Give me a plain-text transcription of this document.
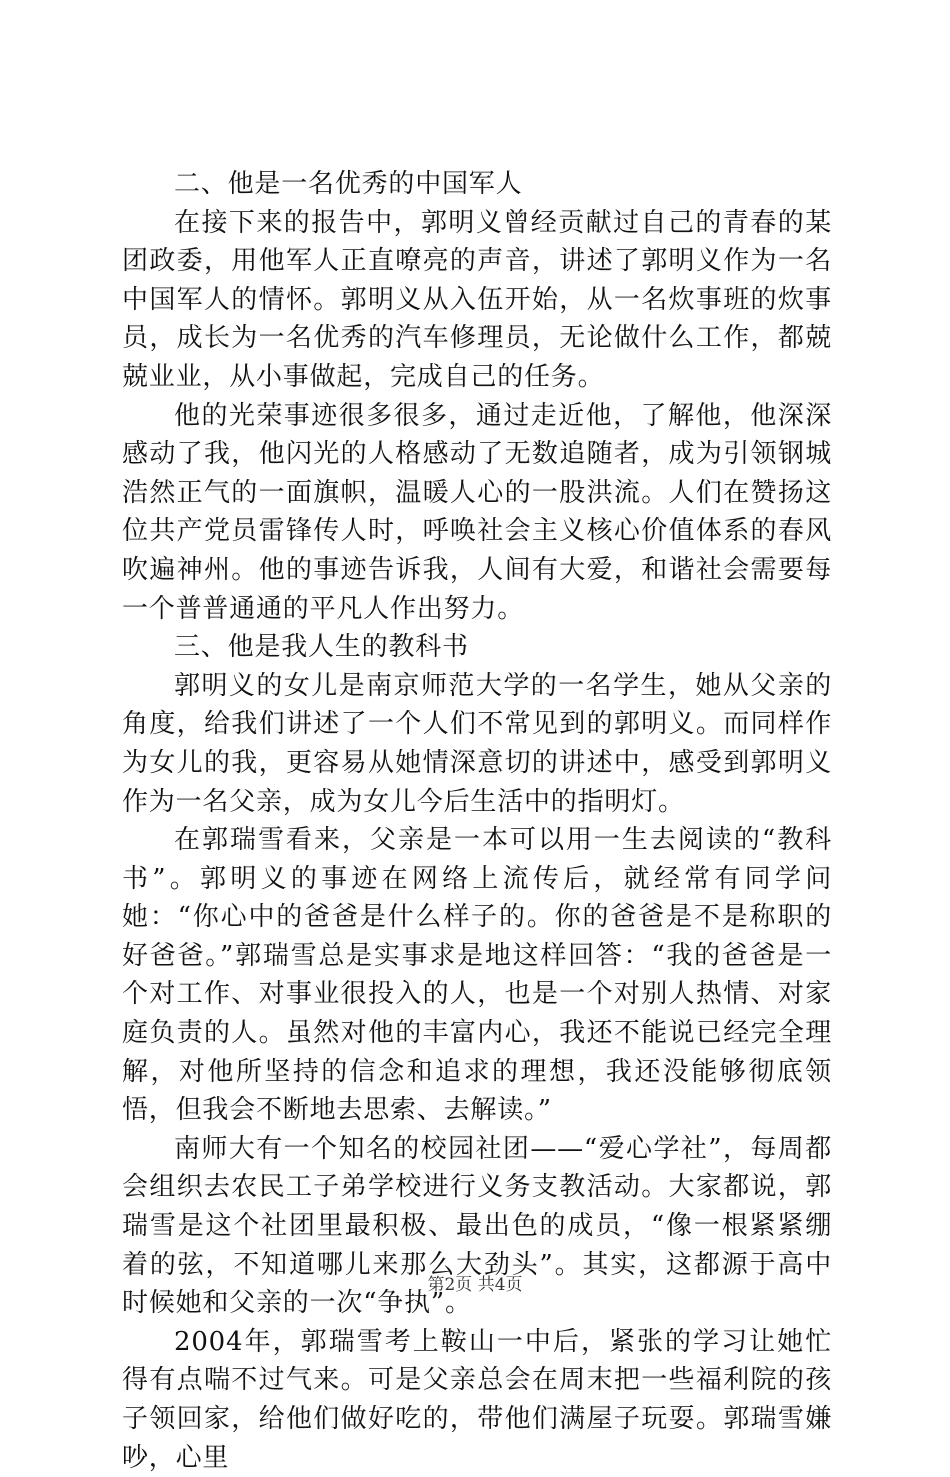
二、他是一名优秀的中国军人

在接下来的报告中，郭明义曾经贡献过自己的青春的某团政委，用他军人正直嘹亮的声音，讲述了郭明义作为一名中国军人的情怀。郭明义从入伍开始，从一名炊事班的炊事员，成长为一名优秀的汽车修理员，无论做什么工作，都兢兢业业，从小事做起，完成自己的任务。

他的光荣事迹很多很多，通过走近他，了解他，他深深感动了我，他闪光的人格感动了无数追随者，成为引领钢城浩然正气的一面旗帜，温暖人心的一股洪流。人们在赞扬这位共产党员雷锋传人时，呼唤社会主义核心价值体系的春风吹遍神州。他的事迹告诉我，人间有大爱，和谐社会需要每一个普普通通的平凡人作出努力。

三、他是我人生的教科书

郭明义的女儿是南京师范大学的一名学生，她从父亲的角度，给我们讲述了一个人们不常见到的郭明义。而同样作为女儿的我，更容易从她情深意切的讲述中，感受到郭明义作为一名父亲，成为女儿今后生活中的指明灯。

在郭瑞雪看来，父亲是一本可以用一生去阅读的“教科书”。郭明义的事迹在网络上流传后，就经常有同学问她：“你心中的爸爸是什么样子的。你的爸爸是不是称职的好爸爸。”郭瑞雪总是实事求是地这样回答：“我的爸爸是一个对工作、对事业很投入的人，也是一个对别人热情、对家庭负责的人。虽然对他的丰富内心，我还不能说已经完全理解，对他所坚持的信念和追求的理想，我还没能够彻底领悟，但我会不断地去思索、去解读。”

南师大有一个知名的校园社团——“爱心学社”，每周都会组织去农民工子弟学校进行义务支教活动。大家都说，郭瑞雪是这个社团里最积极、最出色的成员，“像一根紧紧绷着的弦，不知道哪儿来那么大劲头”。其实，这都源于高中时候她和父亲的一次“争执”。

2004年，郭瑞雪考上鞍山一中后，紧张的学习让她忙得有点喘不过气来。可是父亲总会在周末把一些福利院的孩子领回家，给他们做好吃的，带他们满屋子玩耍。郭瑞雪嫌吵，心里

第2页 共4页
